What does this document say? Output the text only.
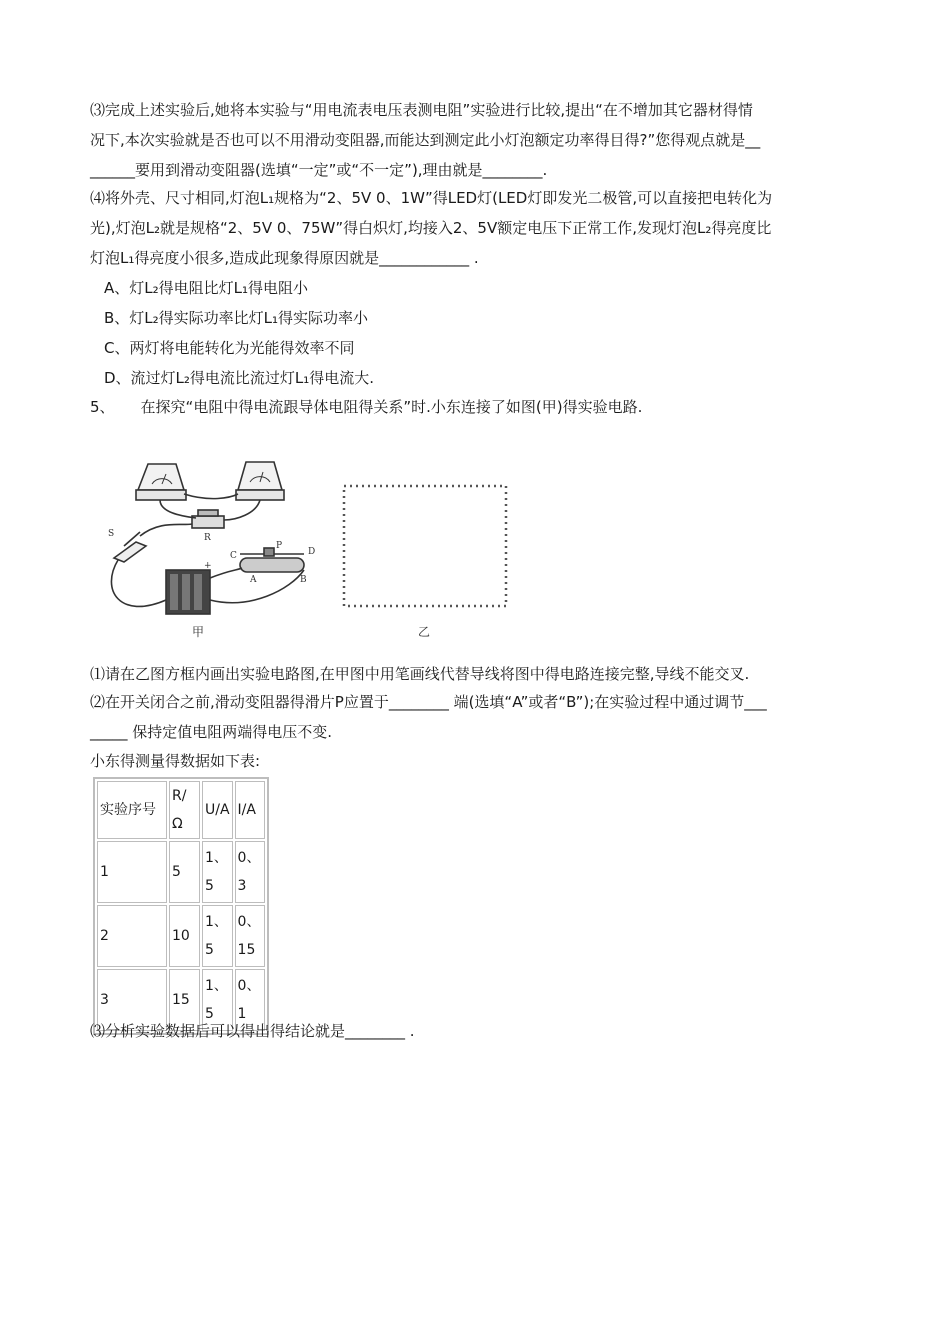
⑶完成上述实验后,她将本实验与“用电流表电压表测电阻”实验进行比较,提出“在不增加其它器材得情
况下,本次实验就是否也可以不用滑动变阻器,而能达到测定此小灯泡额定功率得目得?”您得观点就是__
______要用到滑动变阻器(选填“一定”或“不一定”),理由就是________.
⑷将外壳、尺寸相同,灯泡L₁规格为“2、5V 0、1W”得LED灯(LED灯即发光二极管,可以直接把电转化为
光),灯泡L₂就是规格“2、5V 0、75W”得白炽灯,均接入2、5V额定电压下正常工作,发现灯泡L₂得亮度比
灯泡L₁得亮度小很多,造成此现象得原因就是____________ .
A、灯L₂得电阻比灯L₁得电阻小
B、灯L₂得实际功率比灯L₁得实际功率小
C、两灯将电能转化为光能得效率不同
D、流过灯L₂得电流比流过灯L₁得电流大.
5、 在探究“电阻中得电流跟导体电阻得关系”时.小东连接了如图(甲)得实验电路.
S	R
C
P
D
A	B
+
甲	乙
⑴请在乙图方框内画出实验电路图,在甲图中用笔画线代替导线将图中得电路连接完整,导线不能交叉.
⑵在开关闭合之前,滑动变阻器得滑片P应置于________ 端(选填“A”或者“B”);在实验过程中通过调节___
_____ 保持定值电阻两端得电压不变.
小东得测量得数据如下表:
实验序号	R/Ω	U/A	I/A
1	5	1、5	0、3
2	10	1、5	0、15
3	15	1、5	0、1
⑶分析实验数据后可以得出得结论就是________ .
